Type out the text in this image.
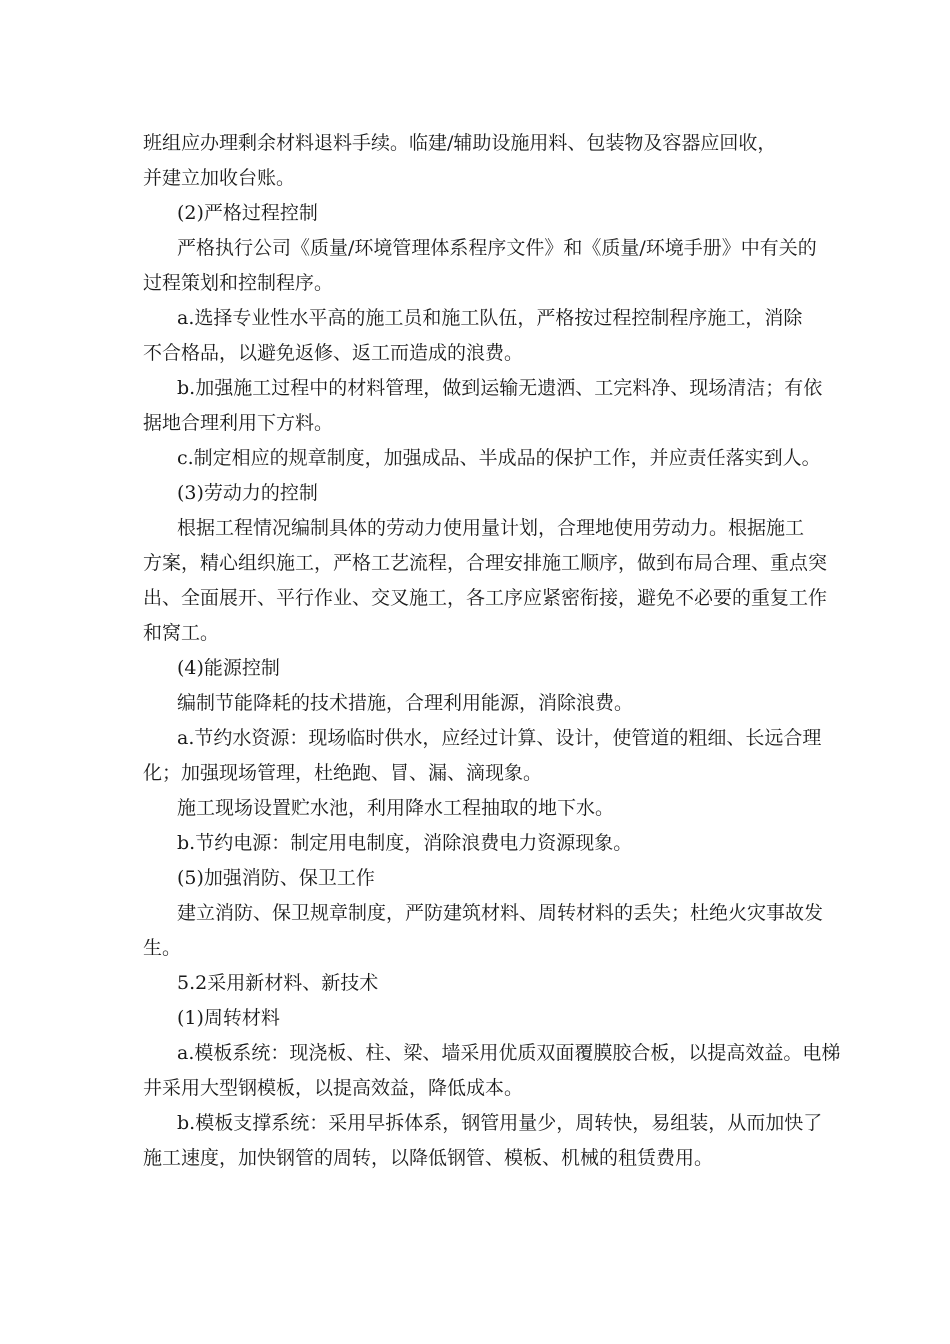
班组应办理剩余材料退料手续。临建/辅助设施用料、包装物及容器应回收，
并建立加收台账。
(2)严格过程控制
严格执行公司《质量/环境管理体系程序文件》和《质量/环境手册》中有关的
过程策划和控制程序。
a.选择专业性水平高的施工员和施工队伍，严格按过程控制程序施工，消除
不合格品，以避免返修、返工而造成的浪费。
b.加强施工过程中的材料管理，做到运输无遗洒、工完料净、现场清洁；有依
据地合理利用下方料。
c.制定相应的规章制度，加强成品、半成品的保护工作，并应责任落实到人。
(3)劳动力的控制
根据工程情况编制具体的劳动力使用量计划，合理地使用劳动力。根据施工
方案，精心组织施工，严格工艺流程，合理安排施工顺序，做到布局合理、重点突
出、全面展开、平行作业、交叉施工，各工序应紧密衔接，避免不必要的重复工作
和窝工。
(4)能源控制
编制节能降耗的技术措施，合理利用能源，消除浪费。
a.节约水资源：现场临时供水，应经过计算、设计，使管道的粗细、长远合理
化；加强现场管理，杜绝跑、冒、漏、滴现象。
施工现场设置贮水池，利用降水工程抽取的地下水。
b.节约电源：制定用电制度，消除浪费电力资源现象。
(5)加强消防、保卫工作
建立消防、保卫规章制度，严防建筑材料、周转材料的丢失；杜绝火灾事故发
生。
5.2采用新材料、新技术
(1)周转材料
a.模板系统：现浇板、柱、梁、墙采用优质双面覆膜胶合板，以提高效益。电梯
井采用大型钢模板，以提高效益，降低成本。
b.模板支撑系统：采用早拆体系，钢管用量少，周转快，易组装，从而加快了
施工速度，加快钢管的周转，以降低钢管、模板、机械的租赁费用。
